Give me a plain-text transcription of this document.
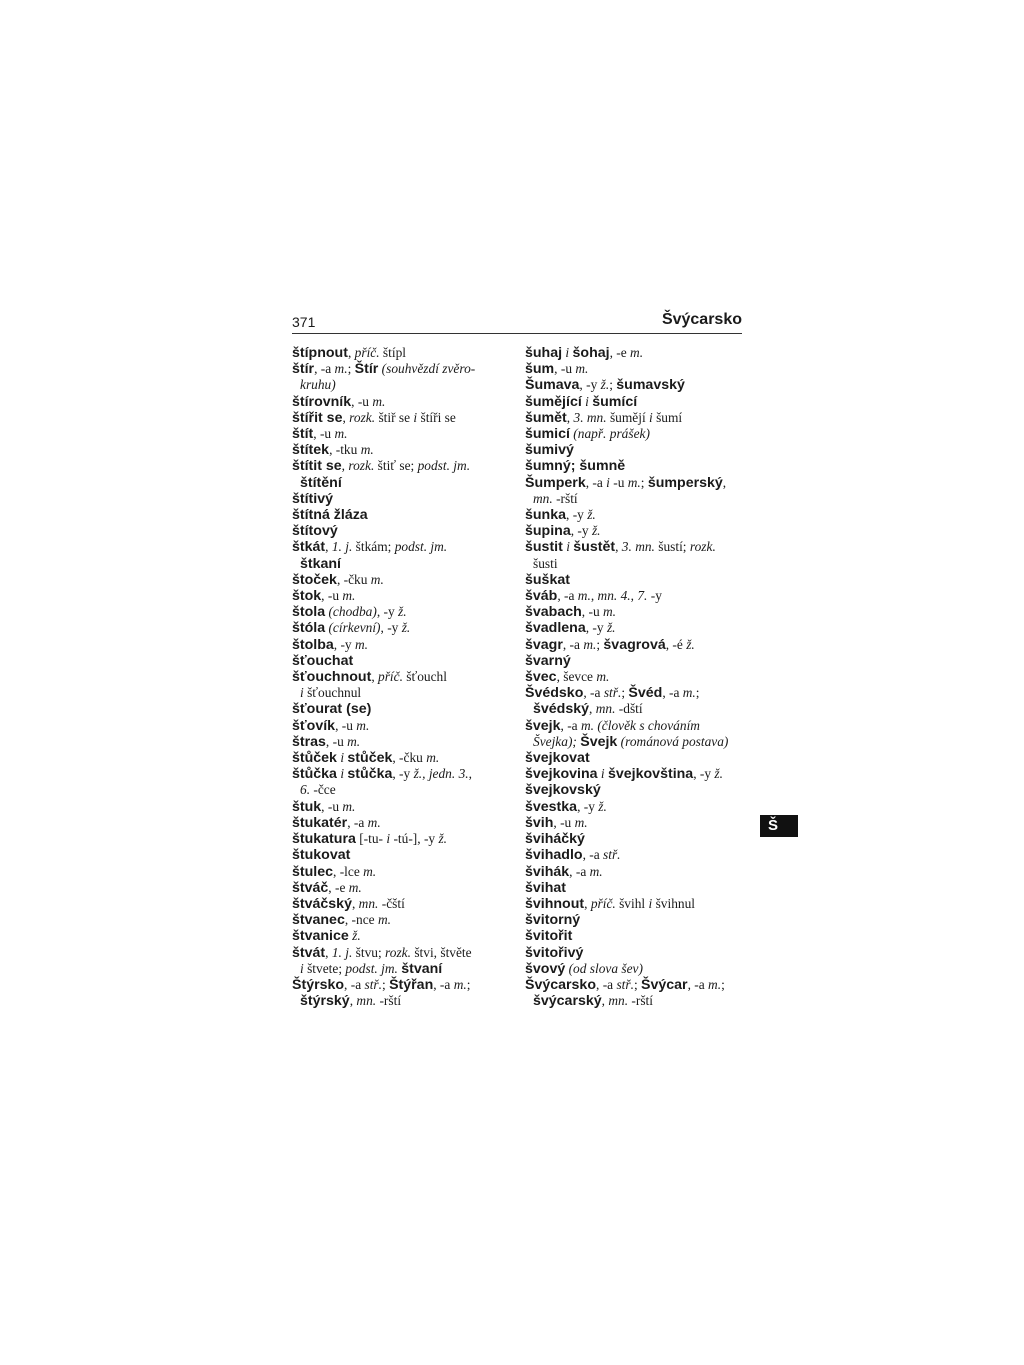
371	Švýcarsko
štípnout, příč. štípl
štír, -a m.; Štír (souhvězdí zvěro-
kruhu)
štírovník, -u m.
štířit se, rozk. štiř se i štíři se
štít, -u m.
štítek, -tku m.
štítit se, rozk. štiť se; podst. jm.
štítění
štítivý
štítná žláza
štítový
štkát, 1. j. štkám; podst. jm.
štkaní
štoček, -čku m.
štok, -u m.
štola (chodba), -y ž.
štóla (církevní), -y ž.
štolba, -y m.
šťouchat
šťouchnout, příč. šťouchl
i šťouchnul
šťourat (se)
šťovík, -u m.
štras, -u m.
štůček i stůček, -čku m.
štůčka i stůčka, -y ž., jedn. 3.,
6. -čce
štuk, -u m.
štukatér, -a m.
štukatura [-tu- i -tú-], -y ž.
štukovat
štulec, -lce m.
štváč, -e m.
štváčský, mn. -čští
štvanec, -nce m.
štvanice ž.
štvát, 1. j. štvu; rozk. štvi, štvěte
i štvete; podst. jm. štvaní
Štýrsko, -a stř.; Štýřan, -a m.;
štýrský, mn. -rští
šuhaj i šohaj, -e m.
šum, -u m.
Šumava, -y ž.; šumavský
šumějící i šumící
šumět, 3. mn. šumějí i šumí
šumicí (např. prášek)
šumivý
šumný; šumně
Šumperk, -a i -u m.; šumperský,
mn. -rští
šunka, -y ž.
šupina, -y ž.
šustit i šustět, 3. mn. šustí; rozk.
šusti
šuškat
šváb, -a m., mn. 4., 7. -y
švabach, -u m.
švadlena, -y ž.
švagr, -a m.; švagrová, -é ž.
švarný
švec, ševce m.
Švédsko, -a stř.; Švéd, -a m.;
švédský, mn. -dští
švejk, -a m. (člověk s chováním
Švejka); Švejk (románová postava)
švejkovat
švejkovina i švejkovština, -y ž.
švejkovský
švestka, -y ž.
švih, -u m.
šviháčký
švihadlo, -a stř.
švihák, -a m.
švihat
švihnout, příč. švihl i švihnul
švitorný
švitořit
švitořivý
švový (od slova šev)
Švýcarsko, -a stř.; Švýcar, -a m.;
švýcarský, mn. -rští
Š
